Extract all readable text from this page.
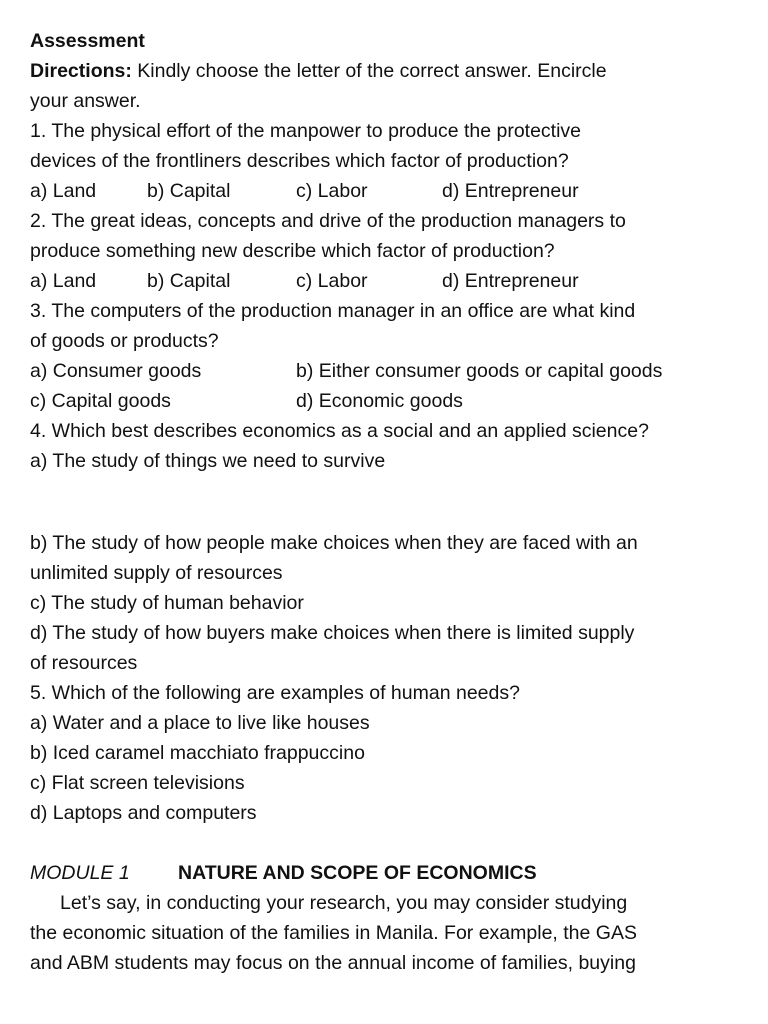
Assessment
Directions: Kindly choose the letter of the correct answer. Encircle
your answer.
1. The physical effort of the manpower to produce the protective
devices of the frontliners describes which factor of production?
a) Land	b) Capital	c) Labor	d) Entrepreneur
2. The great ideas, concepts and drive of the production managers to
produce something new describe which factor of production?
a) Land	b) Capital	c) Labor	d) Entrepreneur
3. The computers of the production manager in an office are what kind
of goods or products?
a) Consumer goods	b) Either consumer goods or capital goods
c) Capital goods	d) Economic goods
4. Which best describes economics as a social and an applied science?
a) The study of things we need to survive
b) The study of how people make choices when they are faced with an
unlimited supply of resources
c) The study of human behavior
d) The study of how buyers make choices when there is limited supply
of resources
5. Which of the following are examples of human needs?
a) Water and a place to live like houses
b) Iced caramel macchiato frappuccino
c) Flat screen televisions
d) Laptops and computers
MODULE 1 NATURE AND SCOPE OF ECONOMICS
Let’s say, in conducting your research, you may consider studying
the economic situation of the families in Manila. For example, the GAS
and ABM students may focus on the annual income of families, buying
